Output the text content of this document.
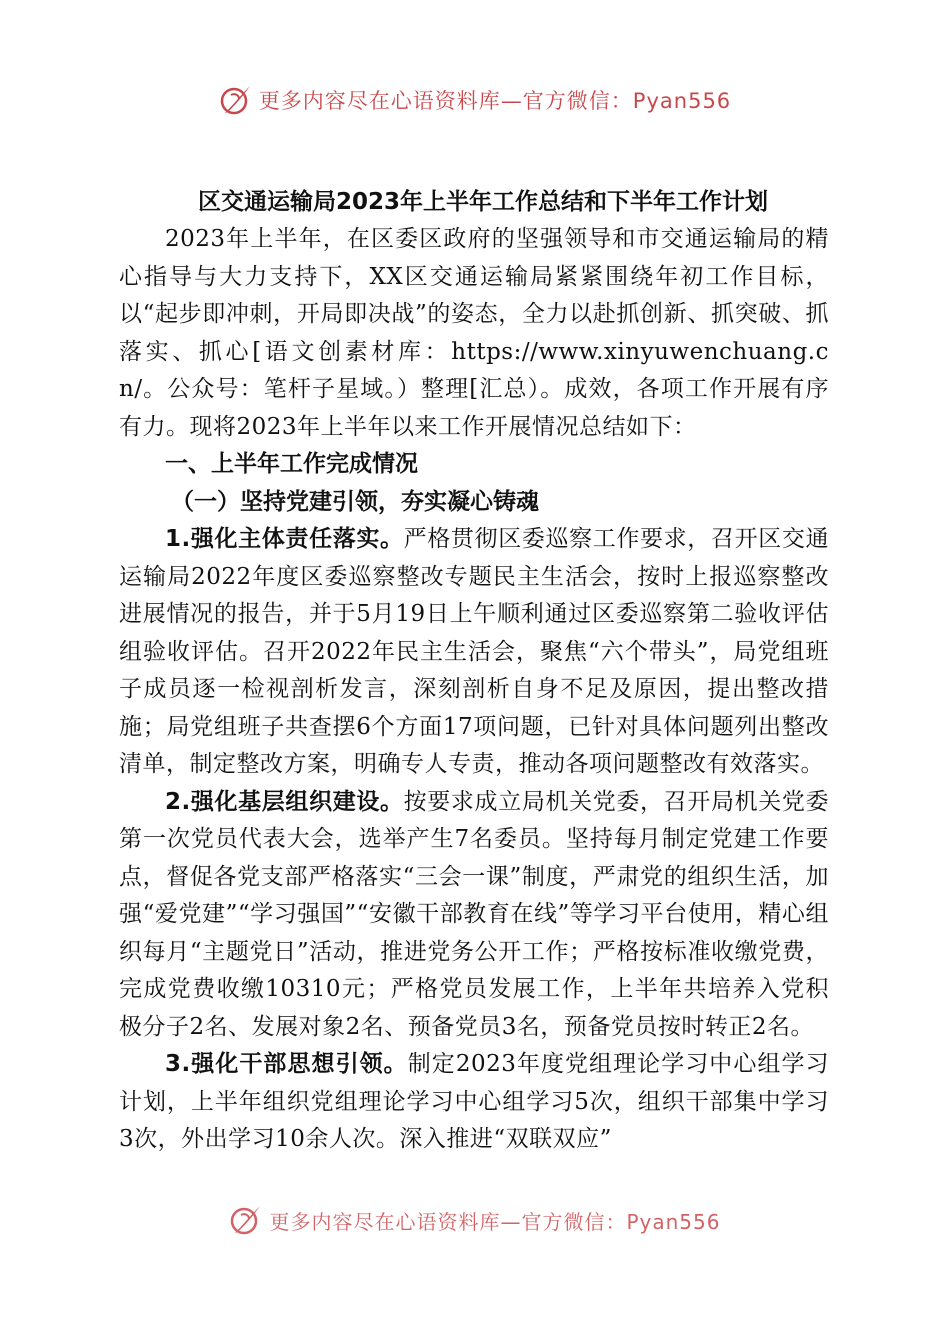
更多内容尽在心语资料库—官方微信：Pyan556
区交通运输局2023年上半年工作总结和下半年工作计划

2023年上半年，在区委区政府的坚强领导和市交通运输局的精心指导与大力支持下，XX区交通运输局紧紧围绕年初工作目标，以“起步即冲刺，开局即决战”的姿态，全力以赴抓创新、抓突破、抓落实、抓心[语文创素材库：https://www.xinyuwenchuang.cn/。公众号：笔杆子星域。）整理[汇总）。成效，各项工作开展有序有力。现将2023年上半年以来工作开展情况总结如下：

一、上半年工作完成情况
（一）坚持党建引领，夯实凝心铸魂

1.强化主体责任落实。严格贯彻区委巡察工作要求，召开区交通运输局2022年度区委巡察整改专题民主生活会，按时上报巡察整改进展情况的报告，并于5月19日上午顺利通过区委巡察第二验收评估组验收评估。召开2022年民主生活会，聚焦“六个带头”，局党组班子成员逐一检视剖析发言，深刻剖析自身不足及原因，提出整改措施；局党组班子共查摆6个方面17项问题，已针对具体问题列出整改清单，制定整改方案，明确专人专责，推动各项问题整改有效落实。

2.强化基层组织建设。按要求成立局机关党委，召开局机关党委第一次党员代表大会，选举产生7名委员。坚持每月制定党建工作要点，督促各党支部严格落实“三会一课”制度，严肃党的组织生活，加强“爱党建”“学习强国”“安徽干部教育在线”等学习平台使用，精心组织每月“主题党日”活动，推进党务公开工作；严格按标准收缴党费，完成党费收缴10310元；严格党员发展工作，上半年共培养入党积极分子2名、发展对象2名、预备党员3名，预备党员按时转正2名。

3.强化干部思想引领。制定2023年度党组理论学习中心组学习计划，上半年组织党组理论学习中心组学习5次，组织干部集中学习3次，外出学习10余人次。深入推进“双联双应”

更多内容尽在心语资料库—官方微信：Pyan556
